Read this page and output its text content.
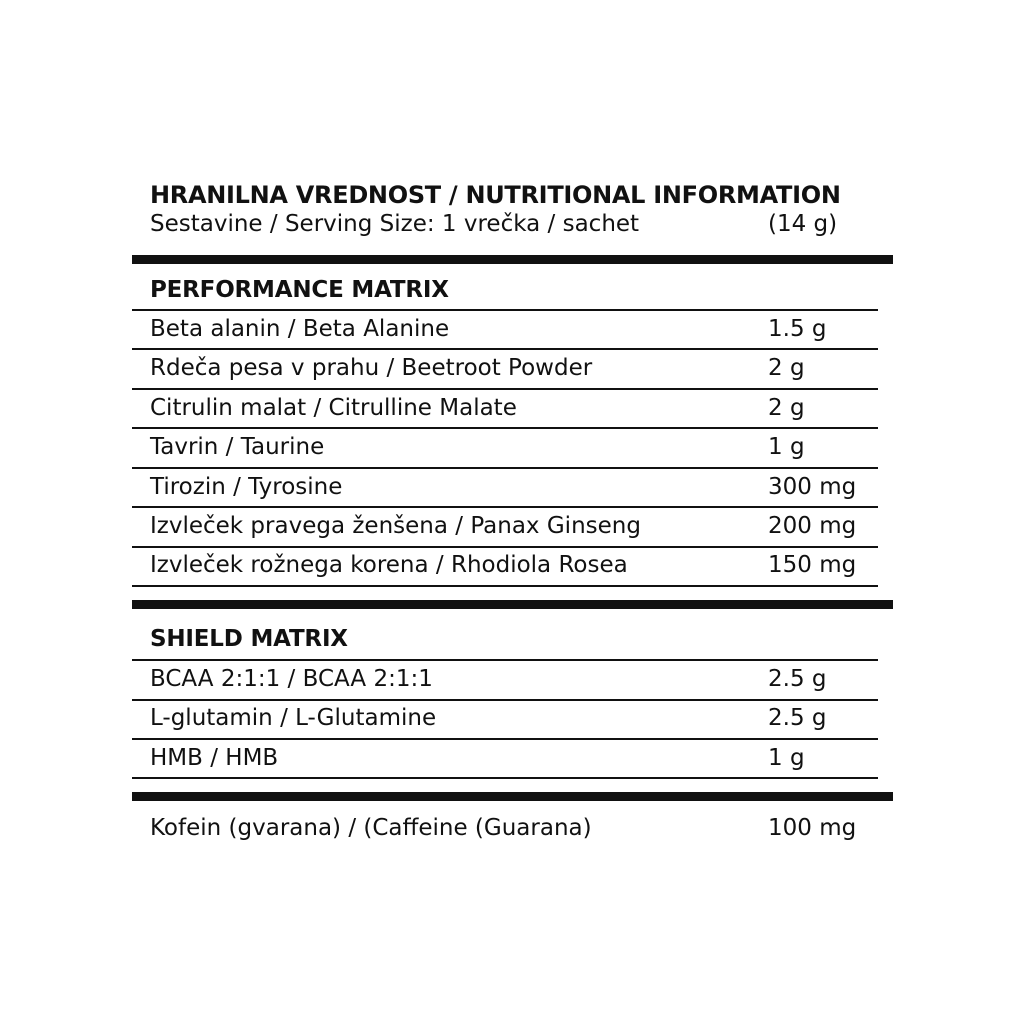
HRANILNA VREDNOST / NUTRITIONAL INFORMATION
Sestavine / Serving Size: 1 vrečka / sachet	(14 g)
PERFORMANCE MATRIX
Beta alanin / Beta Alanine	1.5 g
Rdeča pesa v prahu / Beetroot Powder	2 g
Citrulin malat / Citrulline Malate	2 g
Tavrin / Taurine	1 g
Tirozin / Tyrosine	300 mg
Izvleček pravega ženšena / Panax Ginseng	200 mg
Izvleček rožnega korena / Rhodiola Rosea	150 mg
SHIELD MATRIX
BCAA 2:1:1 / BCAA 2:1:1	2.5 g
L-glutamin / L-Glutamine	2.5 g
HMB / HMB	1 g
Kofein (gvarana) / (Caffeine (Guarana)	100 mg
